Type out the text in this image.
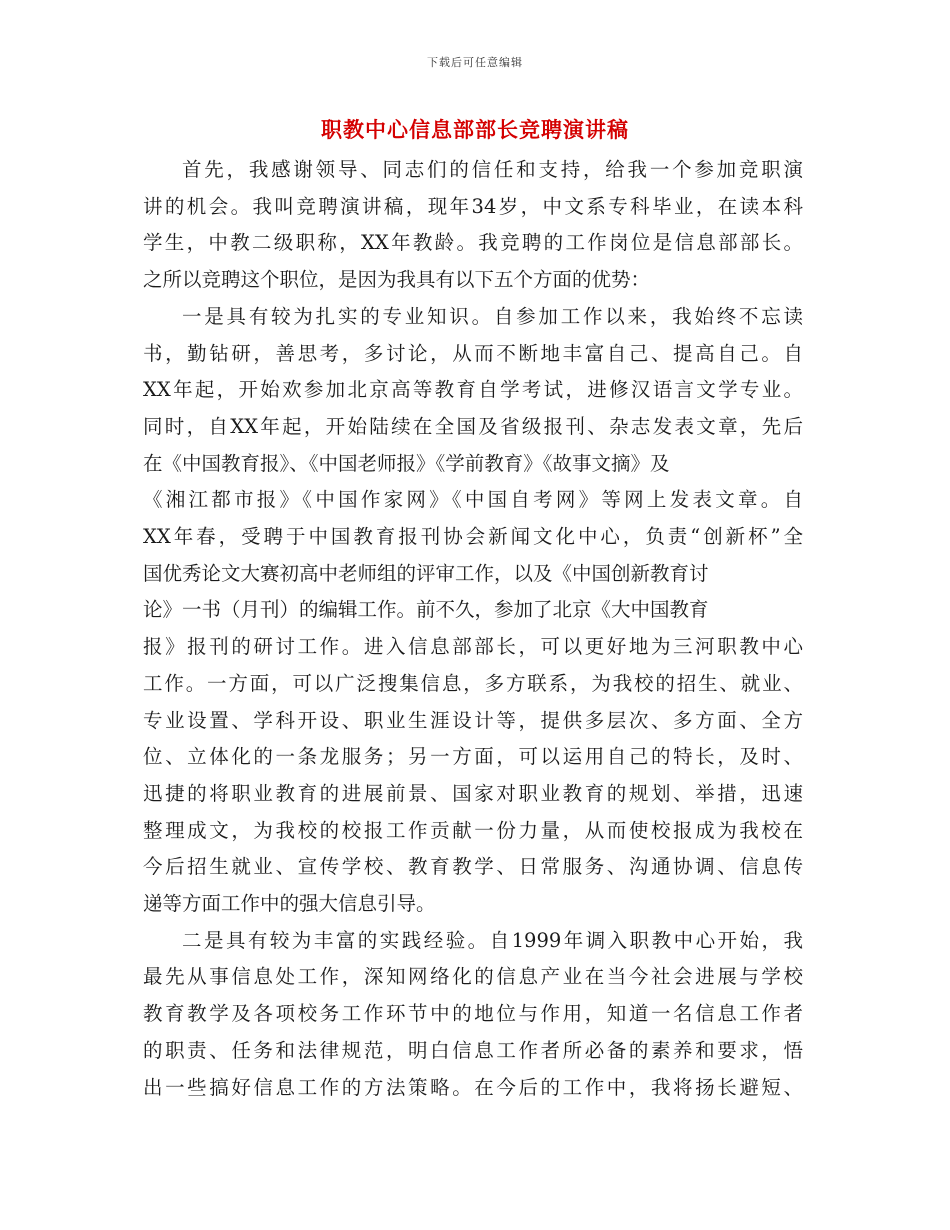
下载后可任意编辑
职教中心信息部部长竞聘演讲稿
首先，我感谢领导、同志们的信任和支持，给我一个参加竞职演
讲的机会。我叫竞聘演讲稿，现年34岁，中文系专科毕业，在读本科
学生，中教二级职称，XX年教龄。我竞聘的工作岗位是信息部部长。
之所以竞聘这个职位，是因为我具有以下五个方面的优势：
一是具有较为扎实的专业知识。自参加工作以来，我始终不忘读
书，勤钻研，善思考，多讨论，从而不断地丰富自己、提高自己。自
XX年起，开始欢参加北京高等教育自学考试，进修汉语言文学专业。
同时，自XX年起，开始陆续在全国及省级报刊、杂志发表文章，先后
在《中国教育报》、《中国老师报》《学前教育》《故事文摘》及
《湘江都市报》《中国作家网》《中国自考网》等网上发表文章。自
XX年春，受聘于中国教育报刊协会新闻文化中心，负责“创新杯”全
国优秀论文大赛初高中老师组的评审工作，以及《中国创新教育讨
论》一书（月刊）的编辑工作。前不久，参加了北京《大中国教育
报》报刊的研讨工作。进入信息部部长，可以更好地为三河职教中心
工作。一方面，可以广泛搜集信息，多方联系，为我校的招生、就业、
专业设置、学科开设、职业生涯设计等，提供多层次、多方面、全方
位、立体化的一条龙服务；另一方面，可以运用自己的特长，及时、
迅捷的将职业教育的进展前景、国家对职业教育的规划、举措，迅速
整理成文，为我校的校报工作贡献一份力量，从而使校报成为我校在
今后招生就业、宣传学校、教育教学、日常服务、沟通协调、信息传
递等方面工作中的强大信息引导。
二是具有较为丰富的实践经验。自1999年调入职教中心开始，我
最先从事信息处工作，深知网络化的信息产业在当今社会进展与学校
教育教学及各项校务工作环节中的地位与作用，知道一名信息工作者
的职责、任务和法律规范，明白信息工作者所必备的素养和要求，悟
出一些搞好信息工作的方法策略。在今后的工作中，我将扬长避短、
